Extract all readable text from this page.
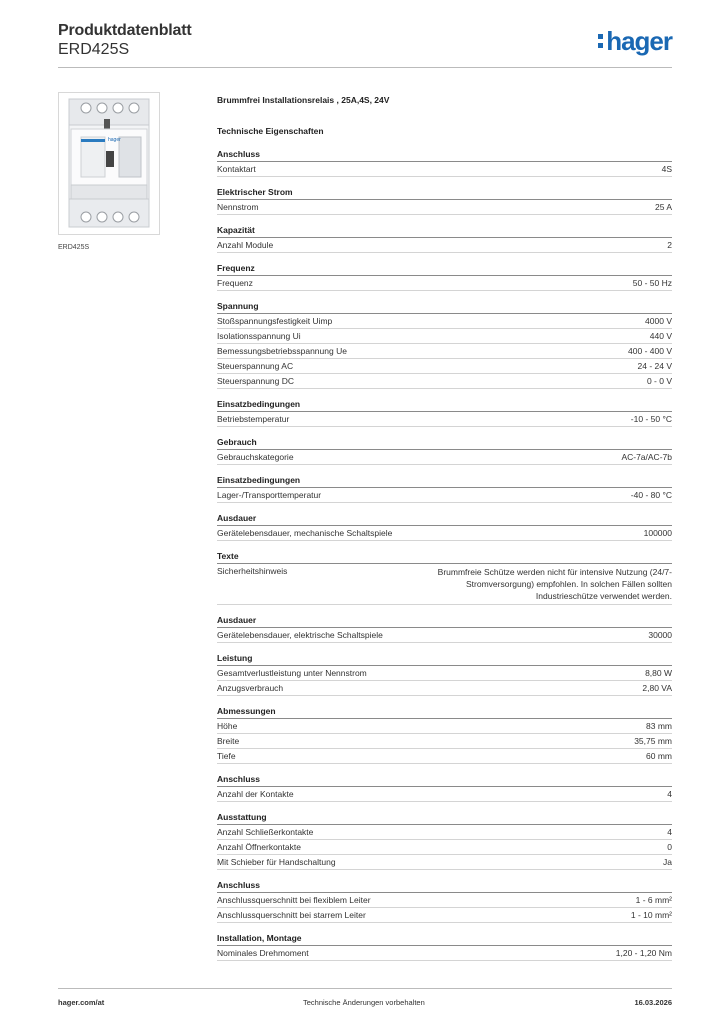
Produktdatenblatt
ERD425S	hager
hager
ERD425S
Brummfrei Installationsrelais , 25A,4S, 24V
Technische Eigenschaften
Anschluss
Kontaktart	4S
Elektrischer Strom
Nennstrom	25 A
Kapazität
Anzahl Module	2
Frequenz
Frequenz	50 - 50 Hz
Spannung
Stoßspannungsfestigkeit Uimp	4000 V
Isolationsspannung Ui	440 V
Bemessungsbetriebsspannung Ue	400 - 400 V
Steuerspannung AC	24 - 24 V
Steuerspannung DC	0 - 0 V
Einsatzbedingungen
Betriebstemperatur	-10 - 50 °C
Gebrauch
Gebrauchskategorie	AC-7a/AC-7b
Einsatzbedingungen
Lager-/Transporttemperatur	-40 - 80 °C
Ausdauer
Gerätelebensdauer, mechanische Schaltspiele	100000
Texte
Sicherheitshinweis	Brummfreie Schütze werden nicht für intensive Nutzung (24/7-Stromversorgung) empfohlen. In solchen Fällen sollten Industrieschütze verwendet werden.
Ausdauer
Gerätelebensdauer, elektrische Schaltspiele	30000
Leistung
Gesamtverlustleistung unter Nennstrom	8,80 W
Anzugsverbrauch	2,80 VA
Abmessungen
Höhe	83 mm
Breite	35,75 mm
Tiefe	60 mm
Anschluss
Anzahl der Kontakte	4
Ausstattung
Anzahl Schließerkontakte	4
Anzahl Öffnerkontakte	0
Mit Schieber für Handschaltung	Ja
Anschluss
Anschlussquerschnitt bei flexiblem Leiter	1 - 6 mm²
Anschlussquerschnitt bei starrem Leiter	1 - 10 mm²
Installation, Montage
Nominales Drehmoment	1,20 - 1,20 Nm
hager.com/at	Technische Änderungen vorbehalten	16.03.2026
